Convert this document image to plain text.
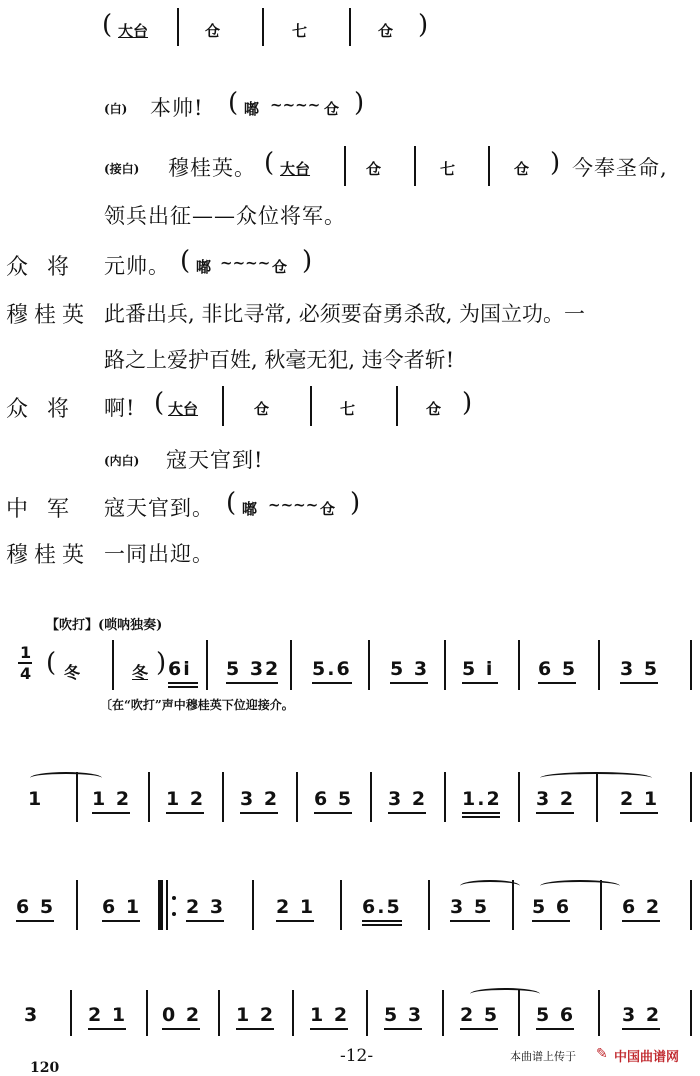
( 大台	仓	七	仓 )
(白) 本帅! ( 嘟 ~~~~ 仓 )
(接白) 穆桂英。 ( 大台	仓	七	仓 ) 今奉圣命,
领兵出征——众位将军。
众 将 元帅。 ( 嘟 ~~~~ 仓 )
穆桂英 此番出兵, 非比寻常, 必须要奋勇杀敌, 为国立功。一
路之上爱护百姓, 秋毫无犯, 违令者斩!
众 将 啊! ( 大台	仓	七	仓 )
(内白) 寇天官到!
中 军 寇天官到。 ( 嘟 ~~~~ 仓 )
穆桂英 一同出迎。
【吹打】(唢呐独奏)
1
4 ( 冬	冬 ) 6i 5 32 5.6 5 3 5 i 6 5 3 5
〔在“吹打”声中穆桂英下位迎接介。
1	1 2 1 2 3 2 6 5 3 2 1.2 3 2 2 1
6 5 6 1 2 3	2 1 6.5	3 5 5 6	6 2
3	2 1 0 2 1 2 1 2 5 3 2 5 5 6 3 2
120
-12-	本曲谱上传于 ✎ 中国曲谱网
